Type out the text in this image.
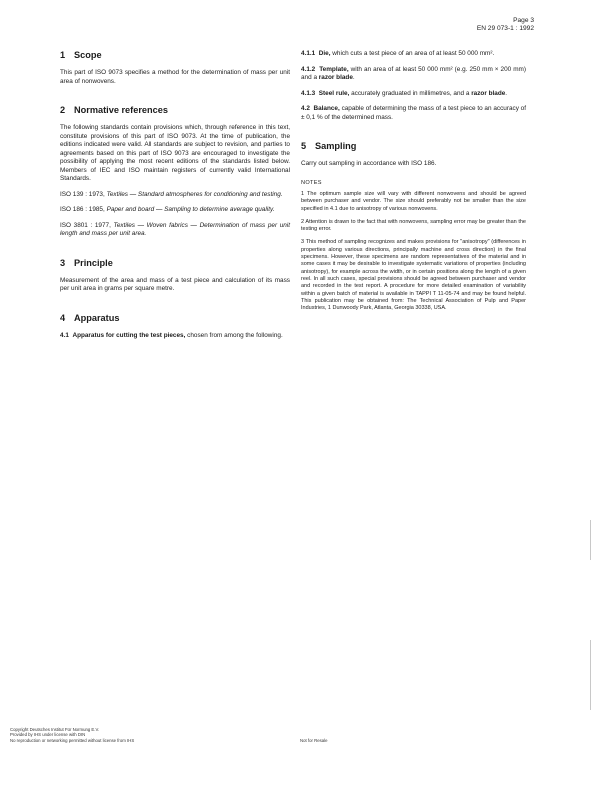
Page 3
EN 29 073-1 : 1992
1 Scope

This part of ISO 9073 specifies a method for the determination of mass per unit area of nonwovens.

2 Normative references

The following standards contain provisions which, through reference in this text, constitute provisions of this part of ISO 9073. At the time of publication, the editions indicated were valid. All standards are subject to revision, and parties to agreements based on this part of ISO 9073 are encouraged to investigate the possibility of applying the most recent editions of the standards listed below. Members of IEC and ISO maintain registers of currently valid International Standards.

ISO 139 : 1973, Textiles — Standard atmospheres for conditioning and testing.

ISO 186 : 1985, Paper and board — Sampling to determine average quality.

ISO 3801 : 1977, Textiles — Woven fabrics — Determination of mass per unit length and mass per unit area.

3 Principle

Measurement of the area and mass of a test piece and calculation of its mass per unit area in grams per square metre.

4 Apparatus

4.1 Apparatus for cutting the test pieces, chosen from among the following.

4.1.1 Die, which cuts a test piece of an area of at least 50 000 mm².

4.1.2 Template, with an area of at least 50 000 mm² (e.g. 250 mm × 200 mm) and a razor blade.

4.1.3 Steel rule, accurately graduated in millimetres, and a razor blade.

4.2 Balance, capable of determining the mass of a test piece to an accuracy of ± 0,1 % of the determined mass.

5 Sampling

Carry out sampling in accordance with ISO 186.

NOTES

1 The optimum sample size will vary with different nonwovens and should be agreed between purchaser and vendor. The size should preferably not be smaller than the size specified in 4.1 due to anisotropy of various nonwovens.

2 Attention is drawn to the fact that with nonwovens, sampling error may be greater than the testing error.

3 This method of sampling recognizes and makes provisions for "anisotropy" (differences in properties along various directions, principally machine and cross direction) in the final specimens. However, these specimens are random representatives of the material and in some cases it may be desirable to investigate systematic variations of properties (including anisotropy), for example across the width, or in certain positions along the length of a given reel. In all such cases, special provisions should be agreed between purchaser and vendor and recorded in the test report. A procedure for more detailed examination of variability within a given batch of material is available in TAPPI T 11-05-74 and may be found helpful. This publication may be obtained from: The Technical Association of Pulp and Paper Industries, 1 Dunwoody Park, Atlanta, Georgia 30338, USA.

Copyright Deutsches Institut Für Normung E.V.
Provided by IHS under license with DIN
No reproduction or networking permitted without license from IHS	Not for Resale
